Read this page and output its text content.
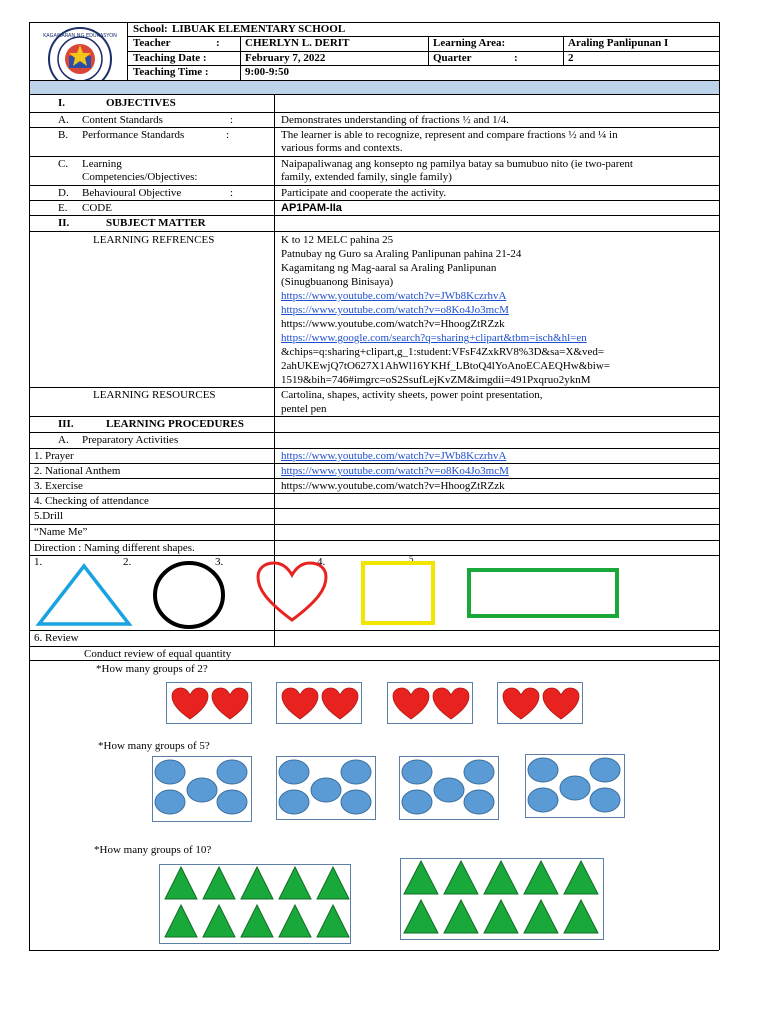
KAGAWARAN NG EDUKASYON
School : LIBUAK ELEMENTARY SCHOOL
Teacher	: CHERLYN L. DERIT	Learning Area:	Araling Panlipunan I
Teaching Date :	February 7, 2022	Quarter	:	2
Teaching Time :	9:00-9:50
I.	OBJECTIVES
A. Content Standards	:	Demonstrates understanding of fractions ½ and 1/4.
B. Performance Standards	:	The learner is able to recognize, represent and compare fractions ½ and ¼ in
various forms and contexts.
C. Learning
Competencies/Objectives:
Naipapaliwanag ang konsepto ng pamilya batay sa bumubuo nito (ie two-parent
family, extended family, single family)
D. Behavioural Objective	:	Participate and cooperate the activity.
E. CODE	AP1PAM-IIa
II.	SUBJECT MATTER
LEARNING REFRENCES	K to 12 MELC pahina 25
Patnubay ng Guro sa Araling Panlipunan pahina 21-24
Kagamitang ng Mag-aaral sa Araling Panlipunan
(Sinugbuanong Binisaya)
https://www.youtube.com/watch?v=JWb8KczrhvA
https://www.youtube.com/watch?v=o8Ko4Jo3mcM
https://www.youtube.com/watch?v=HhoogZtRZzk
https://www.google.com/search?q=sharing+clipart&tbm=isch&hl=en
&chips=q:sharing+clipart,g_1:student:VFsF4ZxkRV8%3D&sa=X&ved=
2ahUKEwjQ7tO627X1AhWl16YKHf_LBtoQ4lYoAnoECAEQHw&biw=
1519&bih=746#imgrc=oS2SsufLejKvZM&imgdii=491Pxqruo2yknM
LEARNING RESOURCES	Cartolina, shapes, activity sheets, power point presentation,
pentel pen
III.	LEARNING PROCEDURES
A. Preparatory Activities
1. Prayer	https://www.youtube.com/watch?v=JWb8KczrhvA
2. National Anthem	https://www.youtube.com/watch?v=o8Ko4Jo3mcM
3. Exercise	https://www.youtube.com/watch?v=HhoogZtRZzk
4. Checking of attendance
5.Drill
“Name Me”
Direction : Naming different shapes.
1.	2.	3.	4.	5
6. Review
Conduct review of equal quantity
*How many groups of 2?
*How many groups of 5?
*How many groups of 10?
